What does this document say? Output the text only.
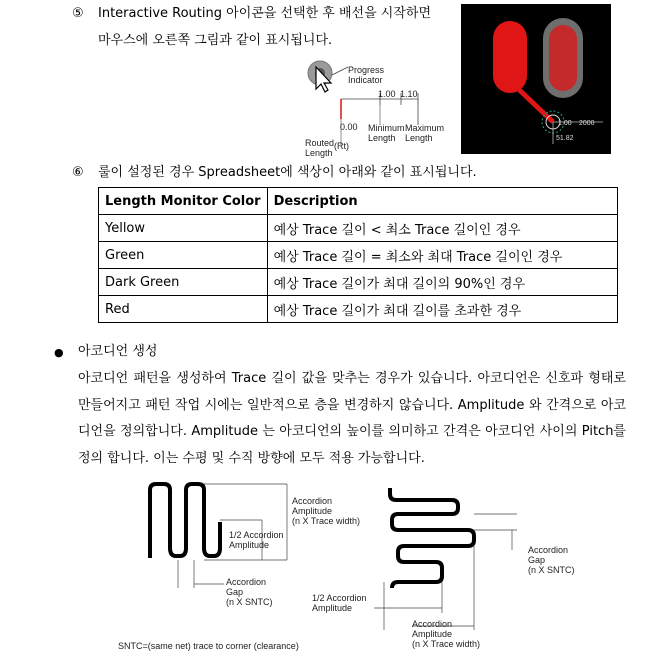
⑤ Interactive Routing 아이콘을 선택한 후 배선을 시작하면
마우스에 오른쪽 그림과 같이 표시됩니다.
Progress
Indicator
1.00 1.10
0.00 Minimum
Length
Maximum
Length
Routed
Length
(Rt)
1.00 2000
51.82
⑥ 룰이 설정된 경우 Spreadsheet에 색상이 아래와 같이 표시됩니다.
Length Monitor Color	Description
Yellow	예상 Trace 길이 < 최소 Trace 길이인 경우
Green	예상 Trace 길이 = 최소와 최대 Trace 길이인 경우
Dark Green	예상 Trace 길이가 최대 길이의 90%인 경우
Red	예상 Trace 길이가 최대 길이를 초과한 경우
● 아코디언 생성
아코디언 패턴을 생성하여 Trace 길이 값을 맞추는 경우가 있습니다. 아코디언은 신호파 형태로 만들어지고 패턴 작업 시에는 일반적으로 층을 변경하지 않습니다. Amplitude 와 간격으로 아코디언을 정의합니다. Amplitude 는 아코디언의 높이를 의미하고 간격은 아코디언 사이의 Pitch를 정의 합니다. 이는 수평 및 수직 방향에 모두 적용 가능합니다.
Accordion
Amplitude
(n X Trace width)
1/2 Accordion
Amplitude
Accordion
Gap
(n X SNTC)
Accordion
Gap
(n X SNTC)
1/2 Accordion
Amplitude
Accordion
Amplitude
(n X Trace width)
SNTC=(same net) trace to corner (clearance)
